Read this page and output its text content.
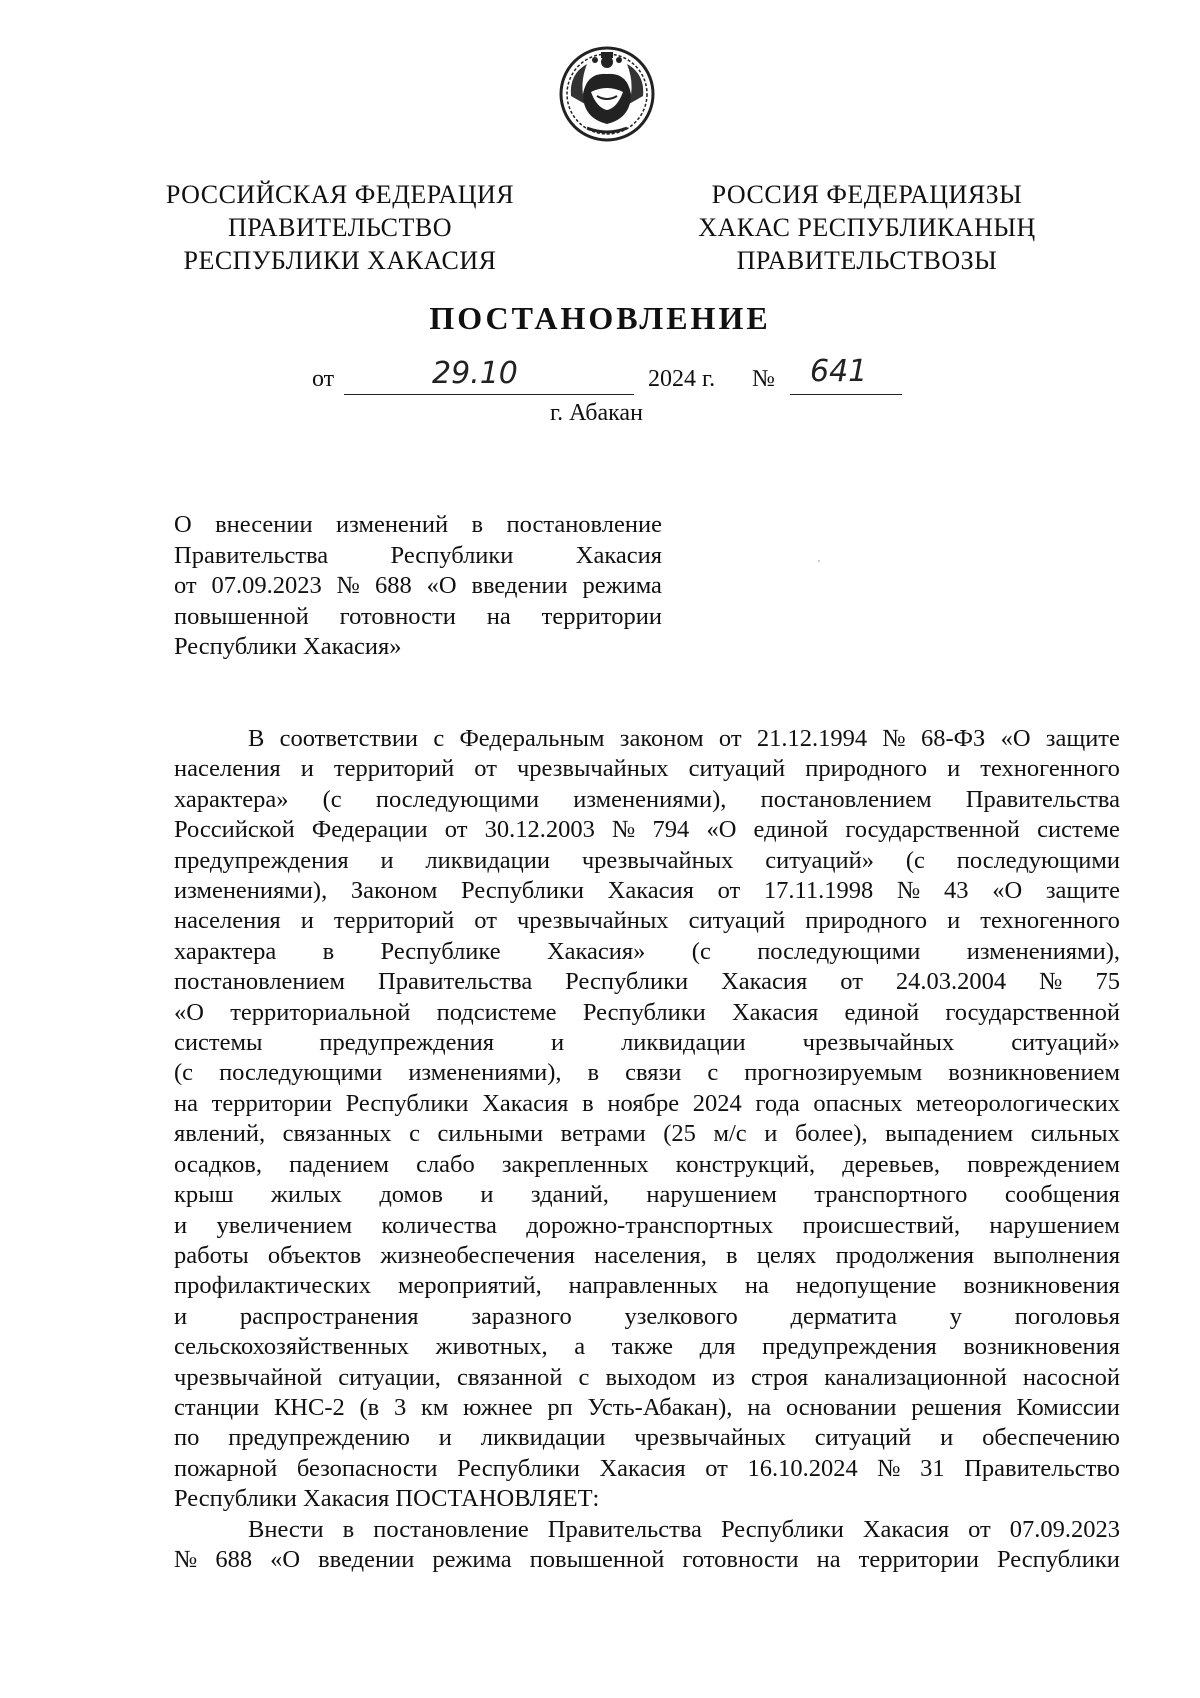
РОССИЙСКАЯ ФЕДЕРАЦИЯ
ПРАВИТЕЛЬСТВО
РЕСПУБЛИКИ ХАКАСИЯ
РОССИЯ ФЕДЕРАЦИЯЗЫ
ХАКАС РЕСПУБЛИКАНЫҢ
ПРАВИТЕЛЬСТВОЗЫ
ПОСТАНОВЛЕНИЕ
от	29.10	2024 г. № 641
г. Абакан
О внесении изменений в постановление
Правительства	Республики	Хакасия
от 07.09.2023 № 688 «О введении режима
повышенной готовности на территории
Республики Хакасия»
В соответствии с Федеральным законом от 21.12.1994 № 68-ФЗ «О защите
населения и территорий от чрезвычайных ситуаций природного и техногенного
характера» (с последующими изменениями), постановлением Правительства
Российской Федерации от 30.12.2003 № 794 «О единой государственной системе
предупреждения и ликвидации чрезвычайных ситуаций» (с последующими
изменениями), Законом Республики Хакасия от 17.11.1998 № 43 «О защите
населения и территорий от чрезвычайных ситуаций природного и техногенного
характера в Республике Хакасия» (с последующими изменениями),
постановлением Правительства Республики Хакасия от 24.03.2004 № 75
«О территориальной подсистеме Республики Хакасия единой государственной
системы предупреждения и ликвидации чрезвычайных ситуаций»
(с последующими изменениями), в связи с прогнозируемым возникновением
на территории Республики Хакасия в ноябре 2024 года опасных метеорологических
явлений, связанных с сильными ветрами (25 м/с и более), выпадением сильных
осадков, падением слабо закрепленных конструкций, деревьев, повреждением
крыш жилых домов и зданий, нарушением транспортного сообщения
и увеличением количества дорожно-транспортных происшествий, нарушением
работы объектов жизнеобеспечения населения, в целях продолжения выполнения
профилактических мероприятий, направленных на недопущение возникновения
и распространения заразного узелкового дерматита у поголовья
сельскохозяйственных животных, а также для предупреждения возникновения
чрезвычайной ситуации, связанной с выходом из строя канализационной насосной
станции КНС-2 (в 3 км южнее рп Усть-Абакан), на основании решения Комиссии
по предупреждению и ликвидации чрезвычайных ситуаций и обеспечению
пожарной безопасности Республики Хакасия от 16.10.2024 № 31 Правительство
Республики Хакасия ПОСТАНОВЛЯЕТ:
Внести в постановление Правительства Республики Хакасия от 07.09.2023
№ 688 «О введении режима повышенной готовности на территории Республики
